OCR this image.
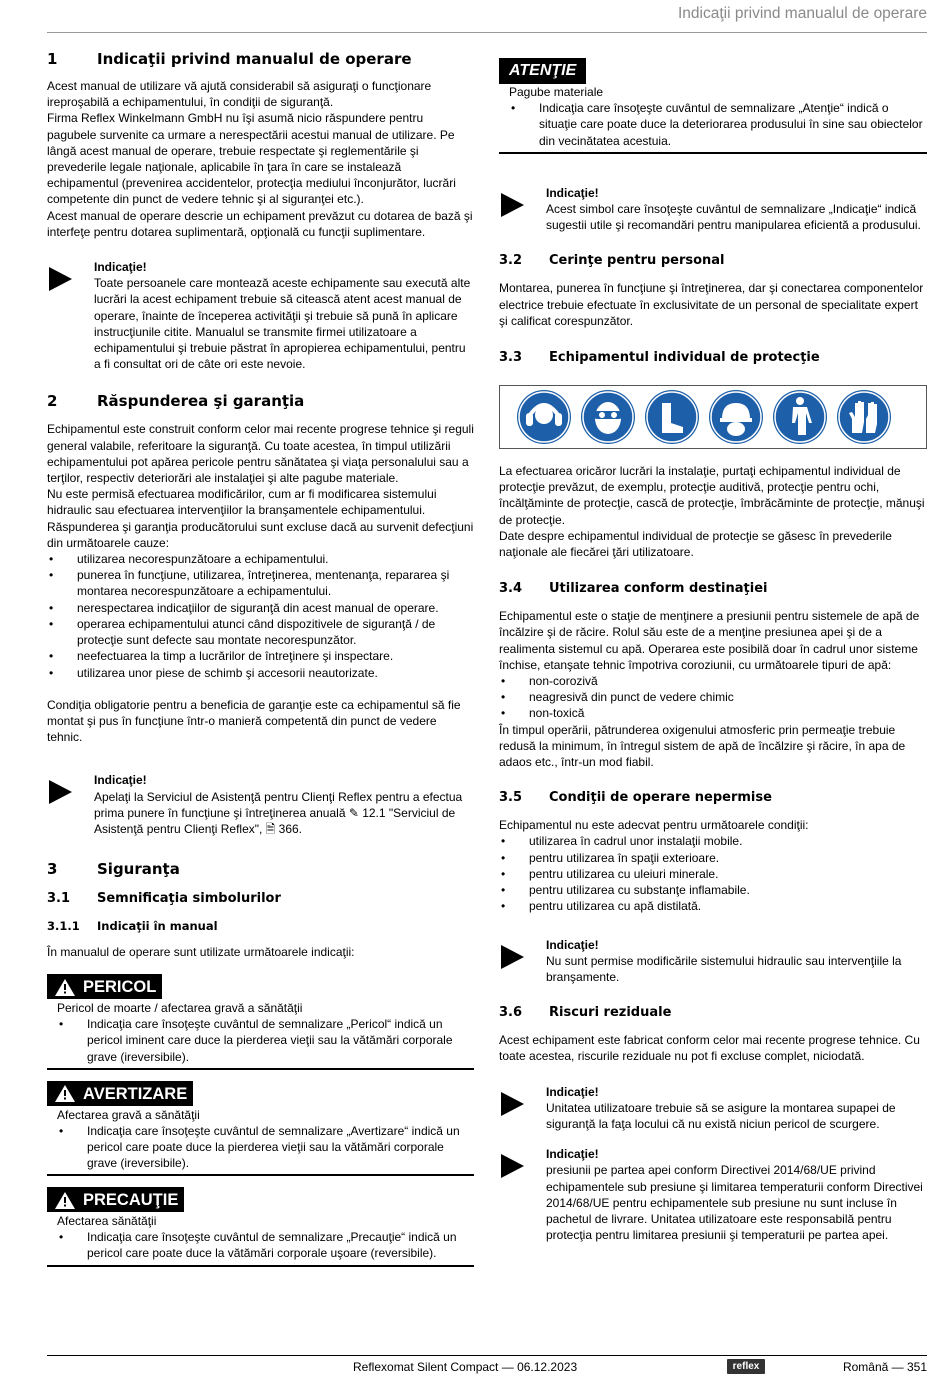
Indicaţii privind manualul de operare
1	Indicaţii privind manualul de operare

Acest manual de utilizare vă ajută considerabil să asiguraţi o funcţionare ireproşabilă a echipamentului, în condiţii de siguranţă.

Firma Reflex Winkelmann GmbH nu îşi asumă nicio răspundere pentru pagubele survenite ca urmare a nerespectării acestui manual de utilizare. Pe lângă acest manual de operare, trebuie respectate şi reglementările şi prevederile legale naţionale, aplicabile în ţara în care se instalează echipamentul (prevenirea accidentelor, protecţia mediului înconjurător, lucrări competente din punct de vedere tehnic şi al siguranţei etc.).

Acest manual de operare descrie un echipament prevăzut cu dotarea de bază şi interfeţe pentru dotarea suplimentară, opţională cu funcţii suplimentare.

Indicaţie!
Toate persoanele care montează aceste echipamente sau execută alte lucrări la acest echipament trebuie să citească atent acest manual de operare, înainte de începerea activităţii şi trebuie să pună în aplicare instrucţiunile citite. Manualul se transmite firmei utilizatoare a echipamentului şi trebuie păstrat în apropierea echipamentului, pentru a fi consultat ori de câte ori este nevoie.
2	Răspunderea şi garanţia

Echipamentul este construit conform celor mai recente progrese tehnice şi reguli general valabile, referitoare la siguranţă. Cu toate acestea, în timpul utilizării echipamentului pot apărea pericole pentru sănătatea şi viaţa personalului sau a terţilor, respectiv deteriorări ale instalaţiei şi alte pagube materiale.

Nu este permisă efectuarea modificărilor, cum ar fi modificarea sistemului hidraulic sau efectuarea intervenţiilor la branşamentele echipamentului.

Răspunderea şi garanţia producătorului sunt excluse dacă au survenit defecţiuni din următoarele cauze:

• utilizarea necorespunzătoare a echipamentului.
• punerea în funcţiune, utilizarea, întreţinerea, mentenanţa, repararea şi montarea necorespunzătoare a echipamentului.
• nerespectarea indicaţiilor de siguranţă din acest manual de operare.
• operarea echipamentului atunci când dispozitivele de siguranţă / de protecţie sunt defecte sau montate necorespunzător.
• neefectuarea la timp a lucrărilor de întreţinere şi inspectare.
• utilizarea unor piese de schimb şi accesorii neautorizate.

Condiţia obligatorie pentru a beneficia de garanţie este ca echipamentul să fie montat şi pus în funcţiune într-o manieră competentă din punct de vedere tehnic.

Indicaţie!
Apelaţi la Serviciul de Asistenţă pentru Clienţi Reflex pentru a efectua prima punere în funcţiune şi întreţinerea anuală ✎ 12.1 "Serviciul de Asistenţă pentru Clienţi Reflex", 🗎 366.
3	Siguranţa
3.1	Semnificaţia simbolurilor
3.1.1	Indicaţii în manual

În manualul de operare sunt utilizate următoarele indicaţii:

PERICOL
Pericol de moarte / afectarea gravă a sănătăţii
• Indicaţia care însoţeşte cuvântul de semnalizare „Pericol“ indică un pericol iminent care duce la pierderea vieţii sau la vătămări corporale grave (ireversibile).
AVERTIZARE
Afectarea gravă a sănătăţii
• Indicaţia care însoţeşte cuvântul de semnalizare „Avertizare“ indică un pericol care poate duce la pierderea vieţii sau la vătămări corporale grave (ireversibile).
PRECAUŢIE
Afectarea sănătăţii
• Indicaţia care însoţeşte cuvântul de semnalizare „Precauţie“ indică un pericol care poate duce la vătămări corporale uşoare (reversibile).
ATENŢIE
Pagube materiale
• Indicaţia care însoţeşte cuvântul de semnalizare „Atenţie“ indică o situaţie care poate duce la deteriorarea produsului în sine sau obiectelor din vecinătatea acestuia.
Indicaţie!
Acest simbol care însoţeşte cuvântul de semnalizare „Indicaţie“ indică sugestii utile şi recomandări pentru manipularea eficientă a produsului.
3.2	Cerinţe pentru personal

Montarea, punerea în funcţiune şi întreţinerea, dar şi conectarea componentelor electrice trebuie efectuate în exclusivitate de un personal de specialitate expert şi calificat corespunzător.

3.3	Echipamentul individual de protecţie

La efectuarea oricăror lucrări la instalaţie, purtaţi echipamentul individual de protecţie prevăzut, de exemplu, protecţie auditivă, protecţie pentru ochi, încălţăminte de protecţie, cască de protecţie, îmbrăcăminte de protecţie, mănuşi de protecţie.

Date despre echipamentul individual de protecţie se găsesc în prevederile naţionale ale fiecărei ţări utilizatoare.

3.4	Utilizarea conform destinaţiei

Echipamentul este o staţie de menţinere a presiunii pentru sistemele de apă de încălzire şi de răcire. Rolul său este de a menţine presiunea apei şi de a realimenta sistemul cu apă. Operarea este posibilă doar în cadrul unor sisteme închise, etanşate tehnic împotriva coroziunii, cu următoarele tipuri de apă:

• non-corozivă
• neagresivă din punct de vedere chimic
• non-toxică

În timpul operării, pătrunderea oxigenului atmosferic prin permeaţie trebuie redusă la minimum, în întregul sistem de apă de încălzire şi răcire, în apa de adaos etc., într-un mod fiabil.

3.5	Condiţii de operare nepermise

Echipamentul nu este adecvat pentru următoarele condiţii:

• utilizarea în cadrul unor instalaţii mobile.
• pentru utilizarea în spaţii exterioare.
• pentru utilizarea cu uleiuri minerale.
• pentru utilizarea cu substanţe inflamabile.
• pentru utilizarea cu apă distilată.
Indicaţie!
Nu sunt permise modificările sistemului hidraulic sau intervenţiile la branşamente.
3.6	Riscuri reziduale

Acest echipament este fabricat conform celor mai recente progrese tehnice. Cu toate acestea, riscurile reziduale nu pot fi excluse complet, niciodată.

Indicaţie!
Unitatea utilizatoare trebuie să se asigure la montarea supapei de siguranţă la faţa locului că nu există niciun pericol de scurgere.
Indicaţie!
presiunii pe partea apei conform Directivei 2014/68/UE privind echipamentele sub presiune şi limitarea temperaturii conform Directivei 2014/68/UE pentru echipamentele sub presiune nu sunt incluse în pachetul de livrare. Unitatea utilizatoare este responsabilă pentru protecţia pentru limitarea presiunii şi temperaturii pe partea apei.
Reflexomat Silent Compact — 06.12.2023	reflex	Română — 351
